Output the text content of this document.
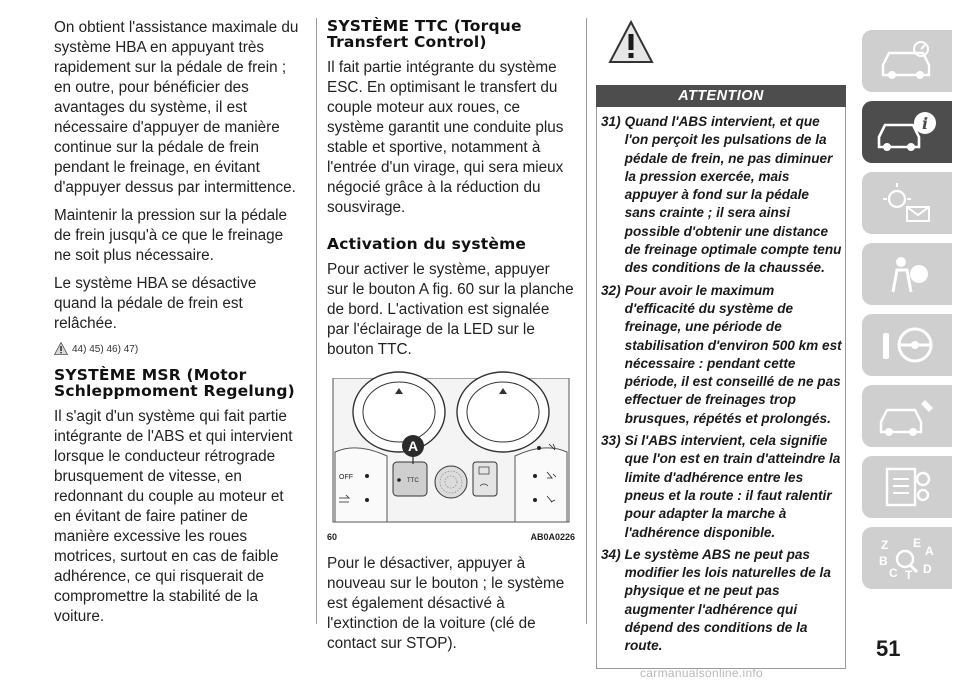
On obtient l'assistance maximale du système HBA en appuyant très rapidement sur la pédale de frein ; en outre, pour bénéficier des avantages du système, il est nécessaire d'appuyer de manière continue sur la pédale de frein pendant le freinage, en évitant d'appuyer dessus par intermittence.

Maintenir la pression sur la pédale de frein jusqu'à ce que le freinage ne soit plus nécessaire.

Le système HBA se désactive quand la pédale de frein est relâchée.

44) 45) 46) 47)
SYSTÈME MSR (Motor Schleppmoment Regelung)

Il s'agit d'un système qui fait partie intégrante de l'ABS et qui intervient lorsque le conducteur rétrograde brusquement de vitesse, en redonnant du couple au moteur et en évitant de faire patiner de manière excessive les roues motrices, surtout en cas de faible adhérence, ce qui risquerait de compromettre la stabilité de la voiture.

SYSTÈME TTC (Torque Transfert Control)

Il fait partie intégrante du système ESC. En optimisant le transfert du couple moteur aux roues, ce système garantit une conduite plus stable et sportive, notamment à l'entrée d'un virage, qui sera mieux négocié grâce à la réduction du sousvirage.

Activation du système

Pour activer le système, appuyer sur le bouton A fig. 60 sur la planche de bord. L'activation est signalée par l'éclairage de la LED sur le bouton TTC.

OFF	TTC
A
60	AB0A0226

Pour le désactiver, appuyer à nouveau sur le bouton ; le système est également désactivé à l'extinction de la voiture (clé de contact sur STOP).

ATTENTION
31) Quand l'ABS intervient, et que l'on perçoit les pulsations de la pédale de frein, ne pas diminuer la pression exercée, mais appuyer à fond sur la pédale sans crainte ; il sera ainsi possible d'obtenir une distance de freinage optimale compte tenu des conditions de la chaussée.
32) Pour avoir le maximum d'efficacité du système de freinage, une période de stabilisation d'environ 500 km est nécessaire : pendant cette période, il est conseillé de ne pas effectuer de freinages trop brusques, répétés et prolongés.
33) Si l'ABS intervient, cela signifie que l'on est en train d'atteindre la limite d'adhérence entre les pneus et la route : il faut ralentir pour adapter la marche à l'adhérence disponible.
34) Le système ABS ne peut pas modifier les lois naturelles de la physique et ne peut pas augmenter l'adhérence qui dépend des conditions de la route.
i
Z E
A
B
C T D
51
carmanualsonline.info
